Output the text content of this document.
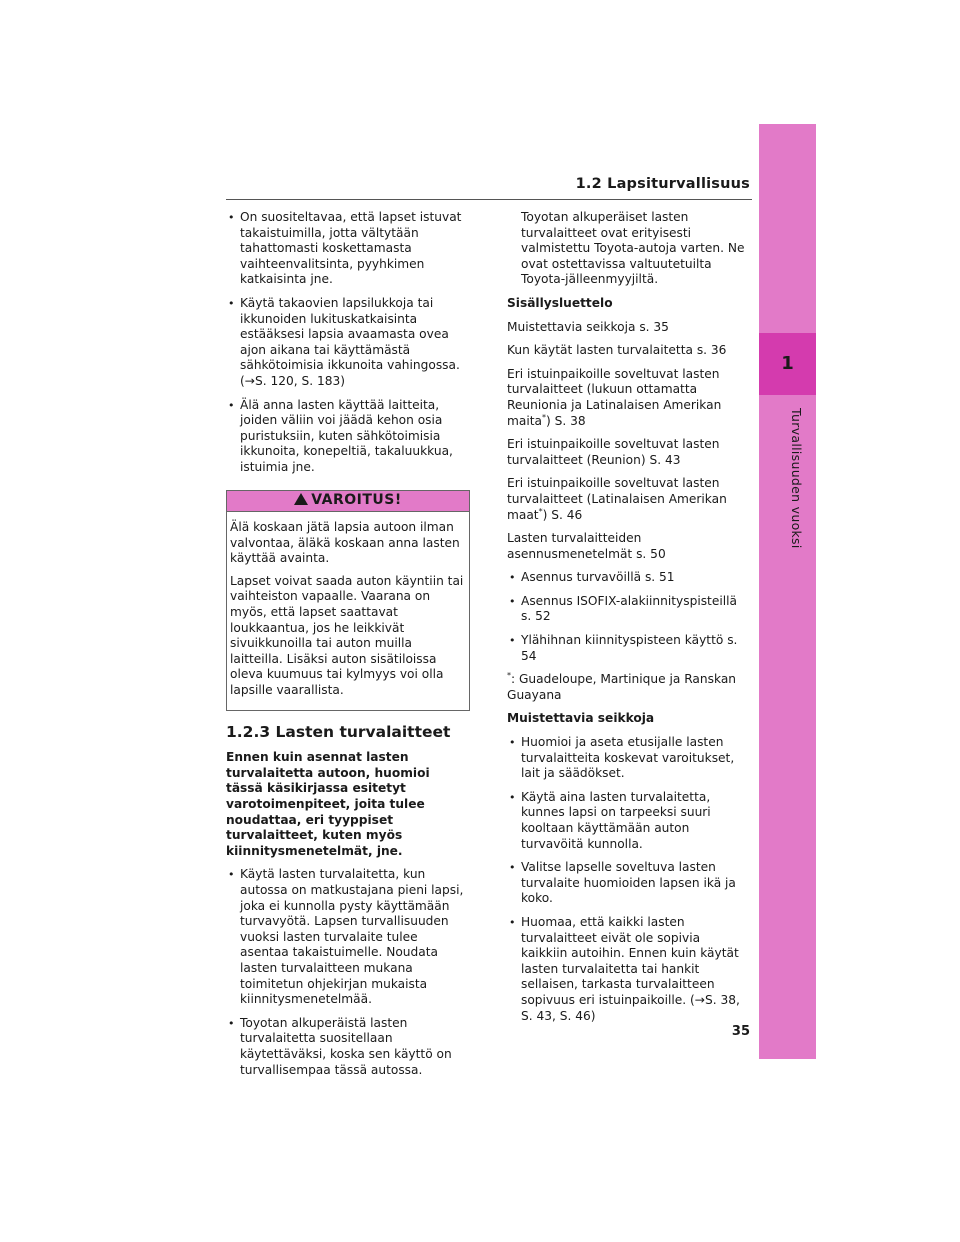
1.2 Lapsiturvallisuus
1
Turvallisuuden vuoksi
• On suositeltavaa, että lapset istuvat takaistuimilla, jotta vältytään tahattomasti koskettamasta vaihteenvalitsinta, pyyhkimen katkaisinta jne.
• Käytä takaovien lapsilukkoja tai ikkunoiden lukituskatkaisinta estääksesi lapsia avaamasta ovea ajon aikana tai käyttämästä sähkötoimisia ikkunoita vahingossa. (→S. 120, S. 183)
• Älä anna lasten käyttää laitteita, joiden väliin voi jäädä kehon osia puristuksiin, kuten sähkötoimisia ikkunoita, konepeltiä, takaluukkua, istuimia jne.
VAROITUS!

Älä koskaan jätä lapsia autoon ilman valvontaa, äläkä koskaan anna lasten käyttää avainta.

Lapset voivat saada auton käyntiin tai vaihteiston vapaalle. Vaarana on myös, että lapset saattavat loukkaantua, jos he leikkivät sivuikkunoilla tai auton muilla laitteilla. Lisäksi auton sisätiloissa oleva kuumuus tai kylmyys voi olla lapsille vaarallista.

1.2.3 Lasten turvalaitteet

Ennen kuin asennat lasten turvalaitetta autoon, huomioi tässä käsikirjassa esitetyt varotoimenpiteet, joita tulee noudattaa, eri tyyppiset turvalaitteet, kuten myös kiinnitysmenetelmät, jne.

• Käytä lasten turvalaitetta, kun autossa on matkustajana pieni lapsi, joka ei kunnolla pysty käyttämään turvavyötä. Lapsen turvallisuuden vuoksi lasten turvalaite tulee asentaa takaistuimelle. Noudata lasten turvalaitteen mukana toimitetun ohjekirjan mukaista kiinnitysmenetelmää.
• Toyotan alkuperäistä lasten turvalaitetta suositellaan käytettäväksi, koska sen käyttö on turvallisempaa tässä autossa.

Toyotan alkuperäiset lasten turvalaitteet ovat erityisesti valmistettu Toyota-autoja varten. Ne ovat ostettavissa valtuutetuilta Toyota-jälleenmyyjiltä.

Sisällysluettelo

Muistettavia seikkoja s. 35

Kun käytät lasten turvalaitetta s. 36

Eri istuinpaikoille soveltuvat lasten turvalaitteet (lukuun ottamatta Reunionia ja Latinalaisen Amerikan maita*) S. 38

Eri istuinpaikoille soveltuvat lasten turvalaitteet (Reunion) S. 43

Eri istuinpaikoille soveltuvat lasten turvalaitteet (Latinalaisen Amerikan maat*) S. 46

Lasten turvalaitteiden asennusmenetelmät s. 50

• Asennus turvavöillä s. 51
• Asennus ISOFIX-alakiinnityspisteillä s. 52
• Ylähihnan kiinnityspisteen käyttö s. 54

*: Guadeloupe, Martinique ja Ranskan Guayana

Muistettavia seikkoja

• Huomioi ja aseta etusijalle lasten turvalaitteita koskevat varoitukset, lait ja säädökset.
• Käytä aina lasten turvalaitetta, kunnes lapsi on tarpeeksi suuri kooltaan käyttämään auton turvavöitä kunnolla.
• Valitse lapselle soveltuva lasten turvalaite huomioiden lapsen ikä ja koko.
• Huomaa, että kaikki lasten turvalaitteet eivät ole sopivia kaikkiin autoihin. Ennen kuin käytät lasten turvalaitetta tai hankit sellaisen, tarkasta turvalaitteen sopivuus eri istuinpaikoille. (→S. 38, S. 43, S. 46)
35
